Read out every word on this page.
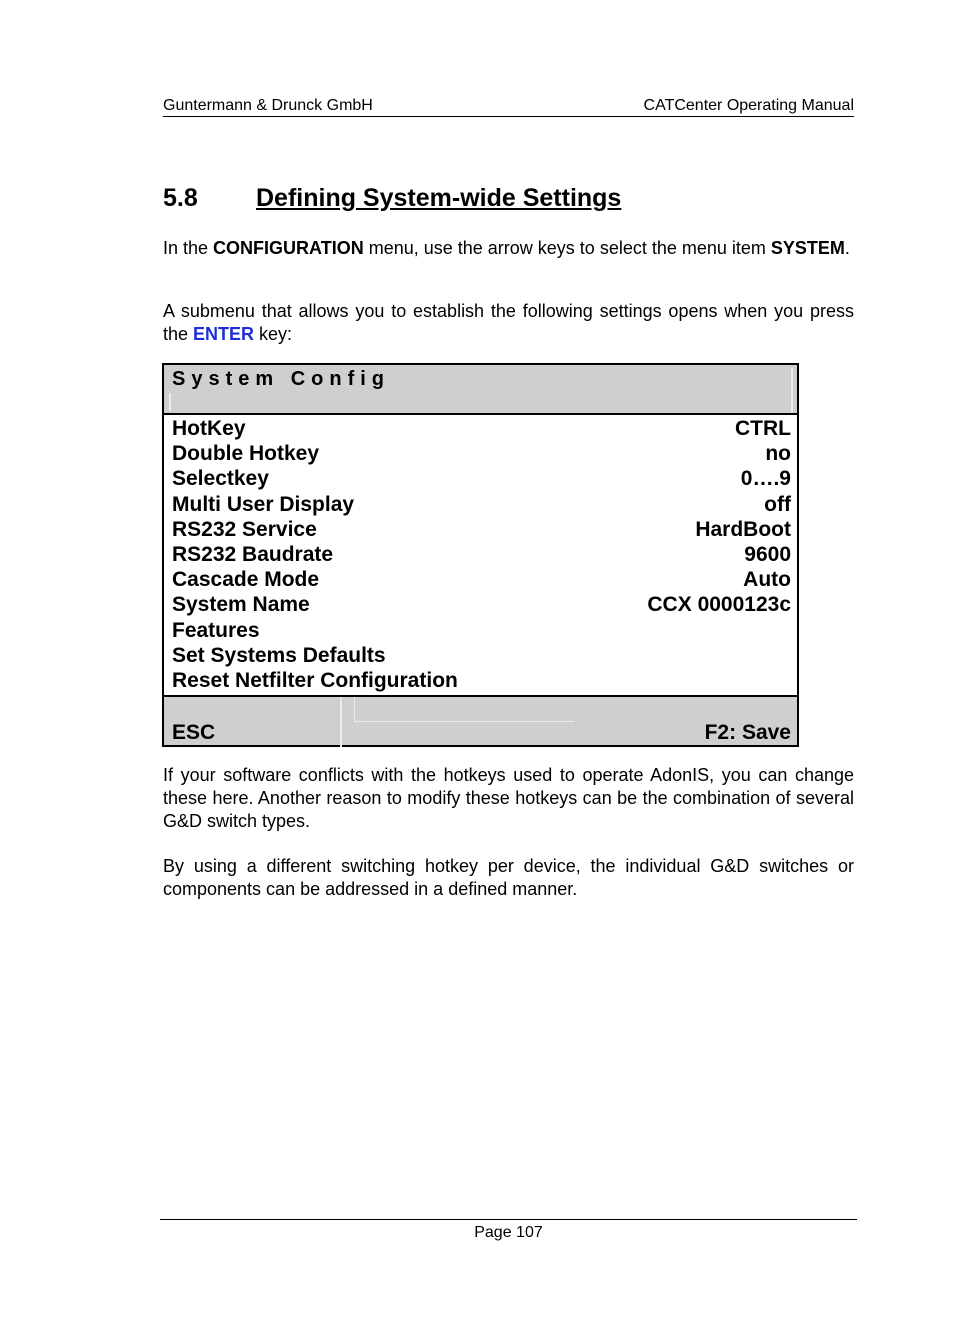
Guntermann & Drunck GmbH	CATCenter Operating Manual
5.8 Defining System-wide Settings

In the CONFIGURATION menu, use the arrow keys to select the menu item SYSTEM.

A submenu that allows you to establish the following settings opens when you press the ENTER key:

System Config
HotKey	CTRL
Double Hotkey	no
Selectkey	0….9
Multi User Display	off
RS232 Service	HardBoot
RS232 Baudrate	9600
Cascade Mode	Auto
System Name	CCX 0000123c
Features
Set Systems Defaults
Reset Netfilter Configuration
ESC	F2: Save

If your software conflicts with the hotkeys used to operate AdonIS, you can change these here. Another reason to modify these hotkeys can be the combination of several G&D switch types.

By using a different switching hotkey per device, the individual G&D switches or components can be addressed in a defined manner.

Page 107
